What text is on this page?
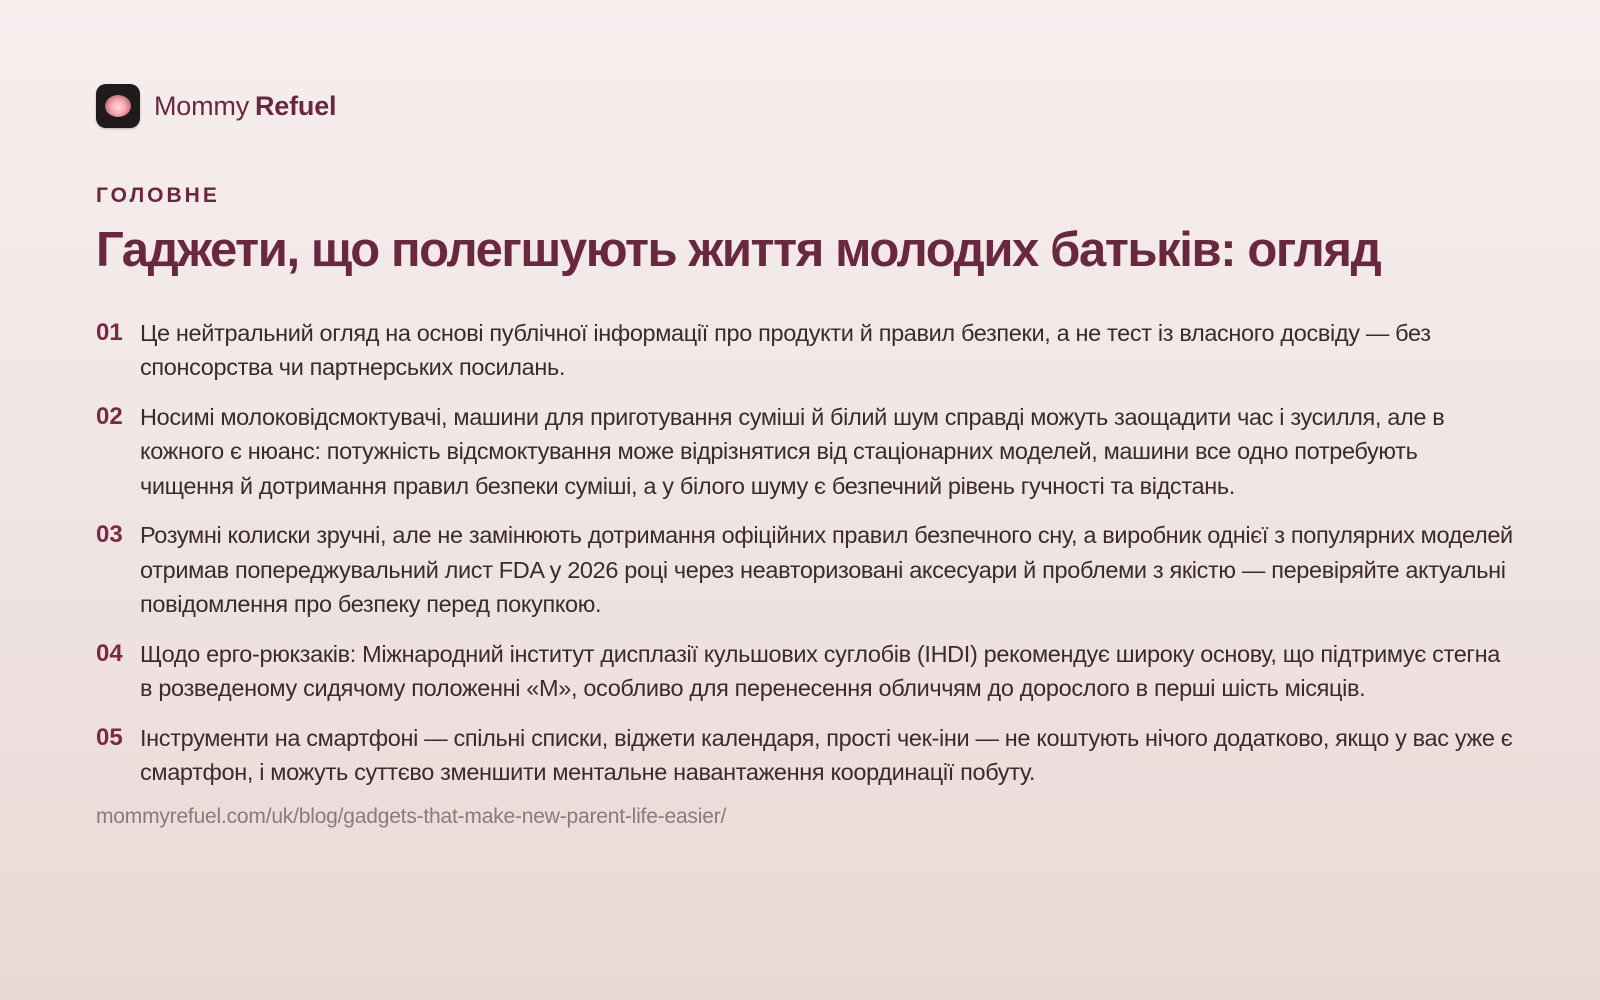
Mommy Refuel
ГОЛОВНЕ
Гаджети, що полегшують життя молодих батьків: огляд
01 Це нейтральний огляд на основі публічної інформації про продукти й правил безпеки, а не тест із власного досвіду — без спонсорства чи партнерських посилань.
02 Носимі молоковідсмоктувачі, машини для приготування суміші й білий шум справді можуть заощадити час і зусилля, але в кожного є нюанс: потужність відсмоктування може відрізнятися від стаціонарних моделей, машини все одно потребують чищення й дотримання правил безпеки суміші, а у білого шуму є безпечний рівень гучності та відстань.
03 Розумні колиски зручні, але не замінюють дотримання офіційних правил безпечного сну, а виробник однієї з популярних моделей отримав попереджувальний лист FDA у 2026 році через неавторизовані аксесуари й проблеми з якістю — перевіряйте актуальні повідомлення про безпеку перед покупкою.
04 Щодо ерго-рюкзаків: Міжнародний інститут дисплазії кульшових суглобів (IHDI) рекомендує широку основу, що підтримує стегна в розведеному сидячому положенні «М», особливо для перенесення обличчям до дорослого в перші шість місяців.
05 Інструменти на смартфоні — спільні списки, віджети календаря, прості чек-іни — не коштують нічого додатково, якщо у вас уже є смартфон, і можуть суттєво зменшити ментальне навантаження координації побуту.
mommyrefuel.com/uk/blog/gadgets-that-make-new-parent-life-easier/
